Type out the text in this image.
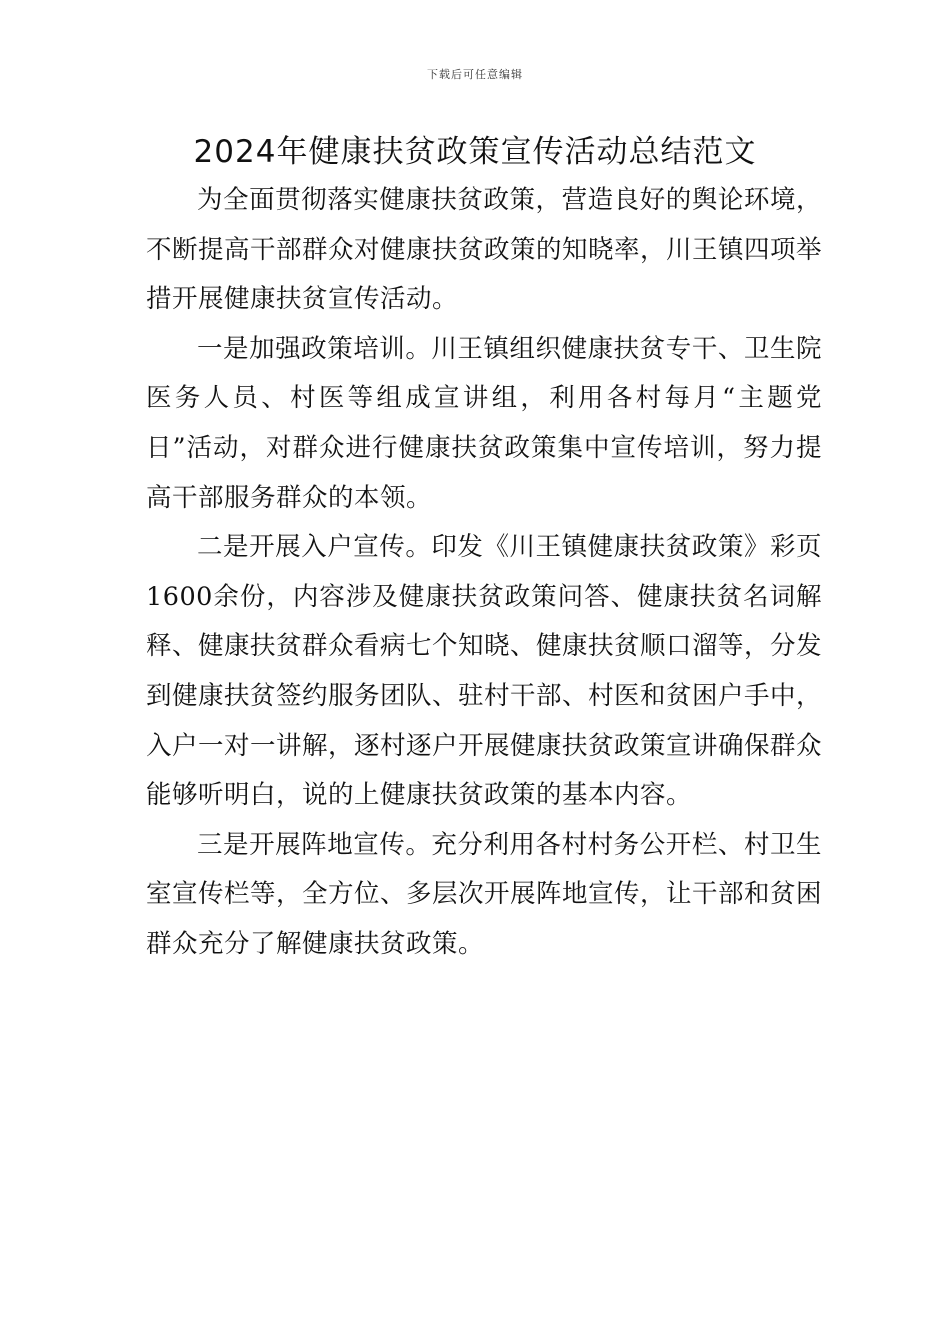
下载后可任意编辑
2024年健康扶贫政策宣传活动总结范文

为全面贯彻落实健康扶贫政策，营造良好的舆论环境，不断提高干部群众对健康扶贫政策的知晓率，川王镇四项举措开展健康扶贫宣传活动。

一是加强政策培训。川王镇组织健康扶贫专干、卫生院医务人员、村医等组成宣讲组，利用各村每月“主题党日”活动，对群众进行健康扶贫政策集中宣传培训，努力提高干部服务群众的本领。

二是开展入户宣传。印发《川王镇健康扶贫政策》彩页1600余份，内容涉及健康扶贫政策问答、健康扶贫名词解释、健康扶贫群众看病七个知晓、健康扶贫顺口溜等，分发到健康扶贫签约服务团队、驻村干部、村医和贫困户手中，入户一对一讲解，逐村逐户开展健康扶贫政策宣讲确保群众能够听明白，说的上健康扶贫政策的基本内容。

三是开展阵地宣传。充分利用各村村务公开栏、村卫生室宣传栏等，全方位、多层次开展阵地宣传，让干部和贫困群众充分了解健康扶贫政策。
